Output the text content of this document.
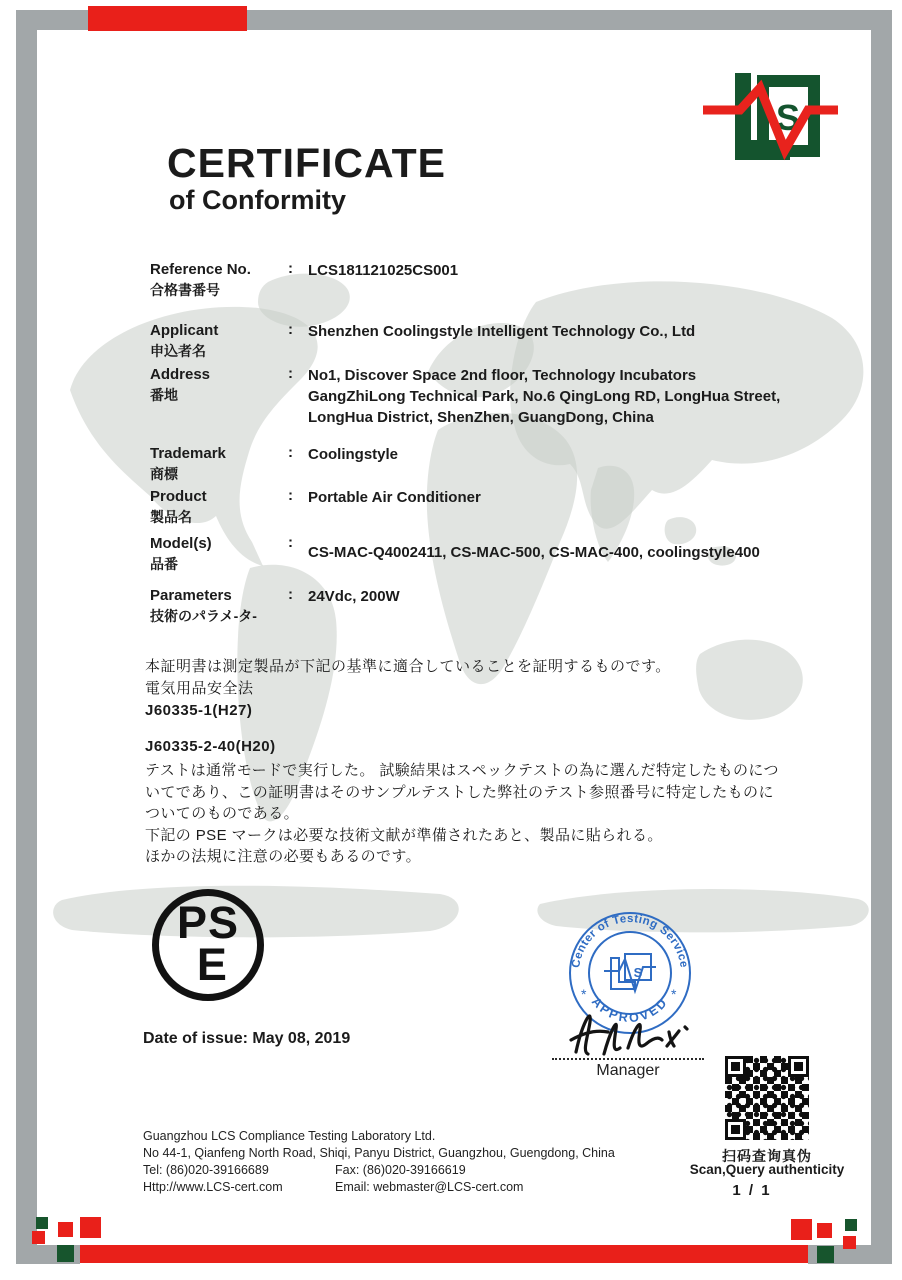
S
CERTIFICATE
of Conformity
Reference No.
合格書番号
: LCS181121025CS001
Applicant
申込者名
: Shenzhen Coolingstyle Intelligent Technology Co., Ltd
Address
番地
: No1, Discover Space 2nd floor, Technology Incubators
GangZhiLong Technical Park, No.6 QingLong RD, LongHua Street,
LongHua District, ShenZhen, GuangDong, China
Trademark
商標
: Coolingstyle
Product
製品名
: Portable Air Conditioner
Model(s)
品番
:
CS-MAC-Q4002411, CS-MAC-500, CS-MAC-400, coolingstyle400
Parameters
技術のパラメ-タ-
: 24Vdc, 200W
本証明書は測定製品が下記の基準に適合していることを証明するものです。
電気用品安全法
J60335-1(H27)
J60335-2-40(H20)
テストは通常モードで実行した。 試験結果はスペックテストの為に選んだ特定したものにつ
いてであり、この証明書はそのサンプルテストした弊社のテスト参照番号に特定したものに
ついてのものである。
下記の PSE マークは必要な技術文献が準備されたあと、製品に貼られる。
ほかの法規に注意の必要もあるのです。
PS
E
Date of issue: May 08, 2019
Center of Testing Service
APPROVED
*	*
S
Manager
扫码查询真伪
Scan,Query authenticity
1 / 1
Guangzhou LCS Compliance Testing Laboratory Ltd.
No 44-1, Qianfeng North Road, Shiqi, Panyu District, Guangzhou, Guengdong, China
Tel: (86)020-39166689	Fax: (86)020-39166619
Http://www.LCS-cert.com	Email: webmaster@LCS-cert.com
